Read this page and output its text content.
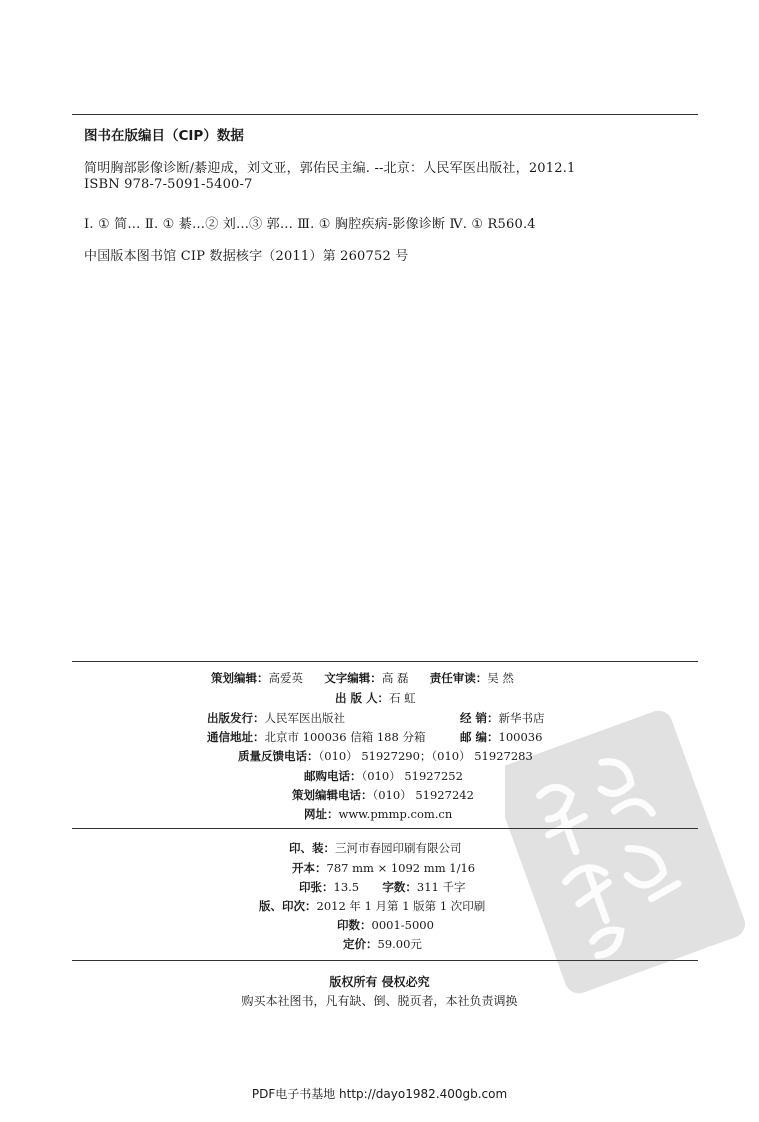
图书在版编目（CIP）数据
简明胸部影像诊断/綦迎成，刘文亚，郭佑民主编. --北京：人民军医出版社，2012.1
ISBN 978-7-5091-5400-7
Ⅰ. ① 简… Ⅱ. ① 綦…② 刘…③ 郭… Ⅲ. ① 胸腔疾病-影像诊断 Ⅳ. ① R560.4
中国版本图书馆 CIP 数据核字（2011）第 260752 号
PDG
策划编辑：高爱英 文字编辑：高 磊 责任审读：吴 然
出 版 人：石 虹
出版发行：人民军医出版社	经 销：新华书店
通信地址：北京市 100036 信箱 188 分箱	邮 编：100036
质量反馈电话：（010） 51927290；（010） 51927283
邮购电话：（010） 51927252
策划编辑电话：（010） 51927242
网址：www.pmmp.com.cn
印、装：三河市春园印刷有限公司
开本：787 mm × 1092 mm 1/16
印张：13.5 字数：311 千字
版、印次：2012 年 1 月第 1 版第 1 次印刷
印数：0001-5000
定价：59.00元
版权所有 侵权必究
购买本社图书，凡有缺、倒、脱页者，本社负责调换
PDF电子书基地 http://dayo1982.400gb.com
